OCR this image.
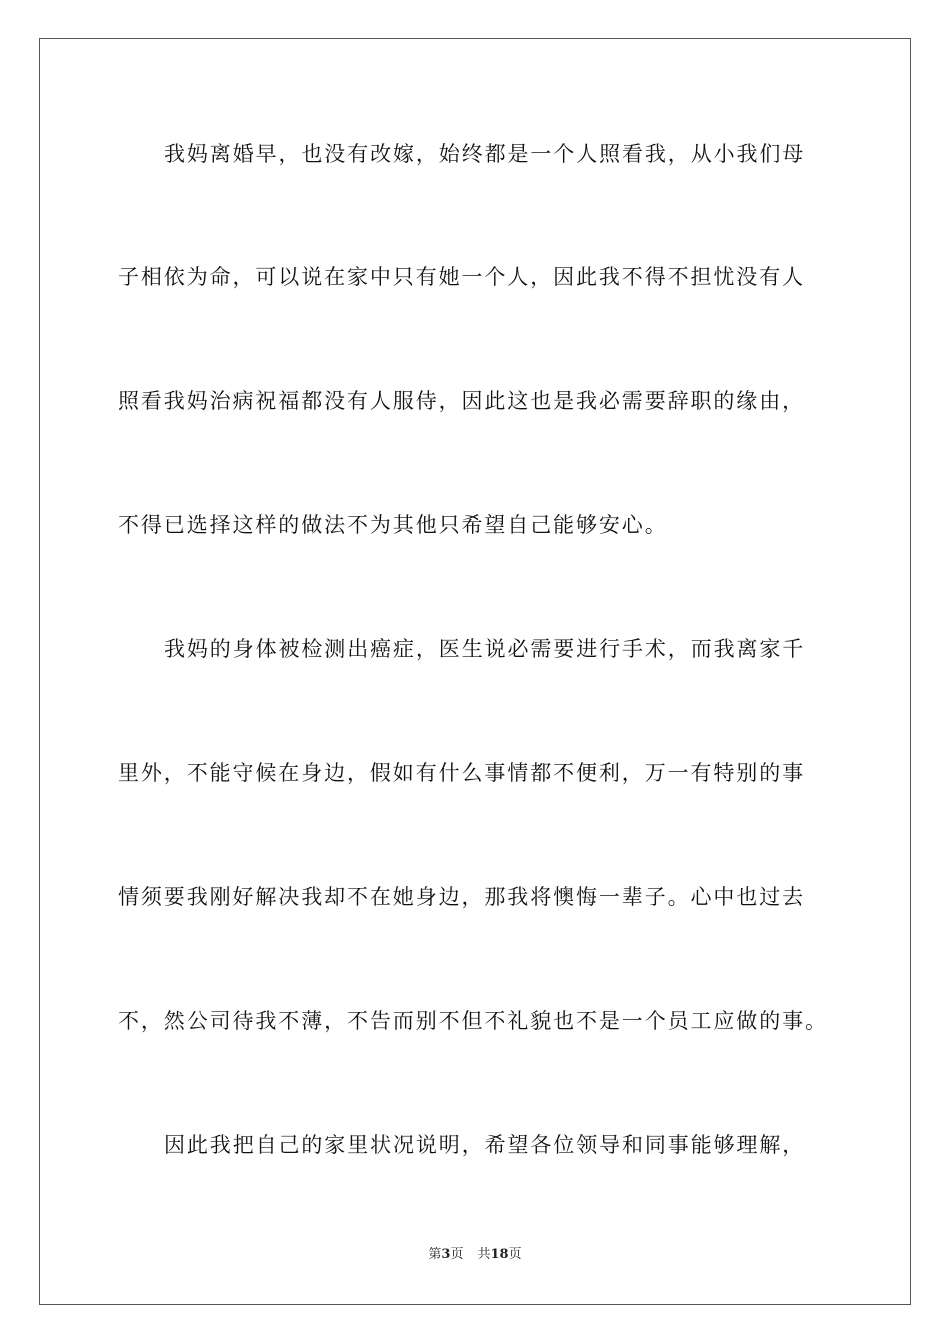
我妈离婚早，也没有改嫁，始终都是一个人照看我，从小我们母
子相依为命，可以说在家中只有她一个人，因此我不得不担忧没有人
照看我妈治病祝福都没有人服侍，因此这也是我必需要辞职的缘由，
不得已选择这样的做法不为其他只希望自己能够安心。
我妈的身体被检测出癌症，医生说必需要进行手术，而我离家千
里外，不能守候在身边，假如有什么事情都不便利，万一有特别的事
情须要我刚好解决我却不在她身边，那我将懊悔一辈子。心中也过去
不，然公司待我不薄，不告而别不但不礼貌也不是一个员工应做的事。
因此我把自己的家里状况说明，希望各位领导和同事能够理解，
第3页 共18页
